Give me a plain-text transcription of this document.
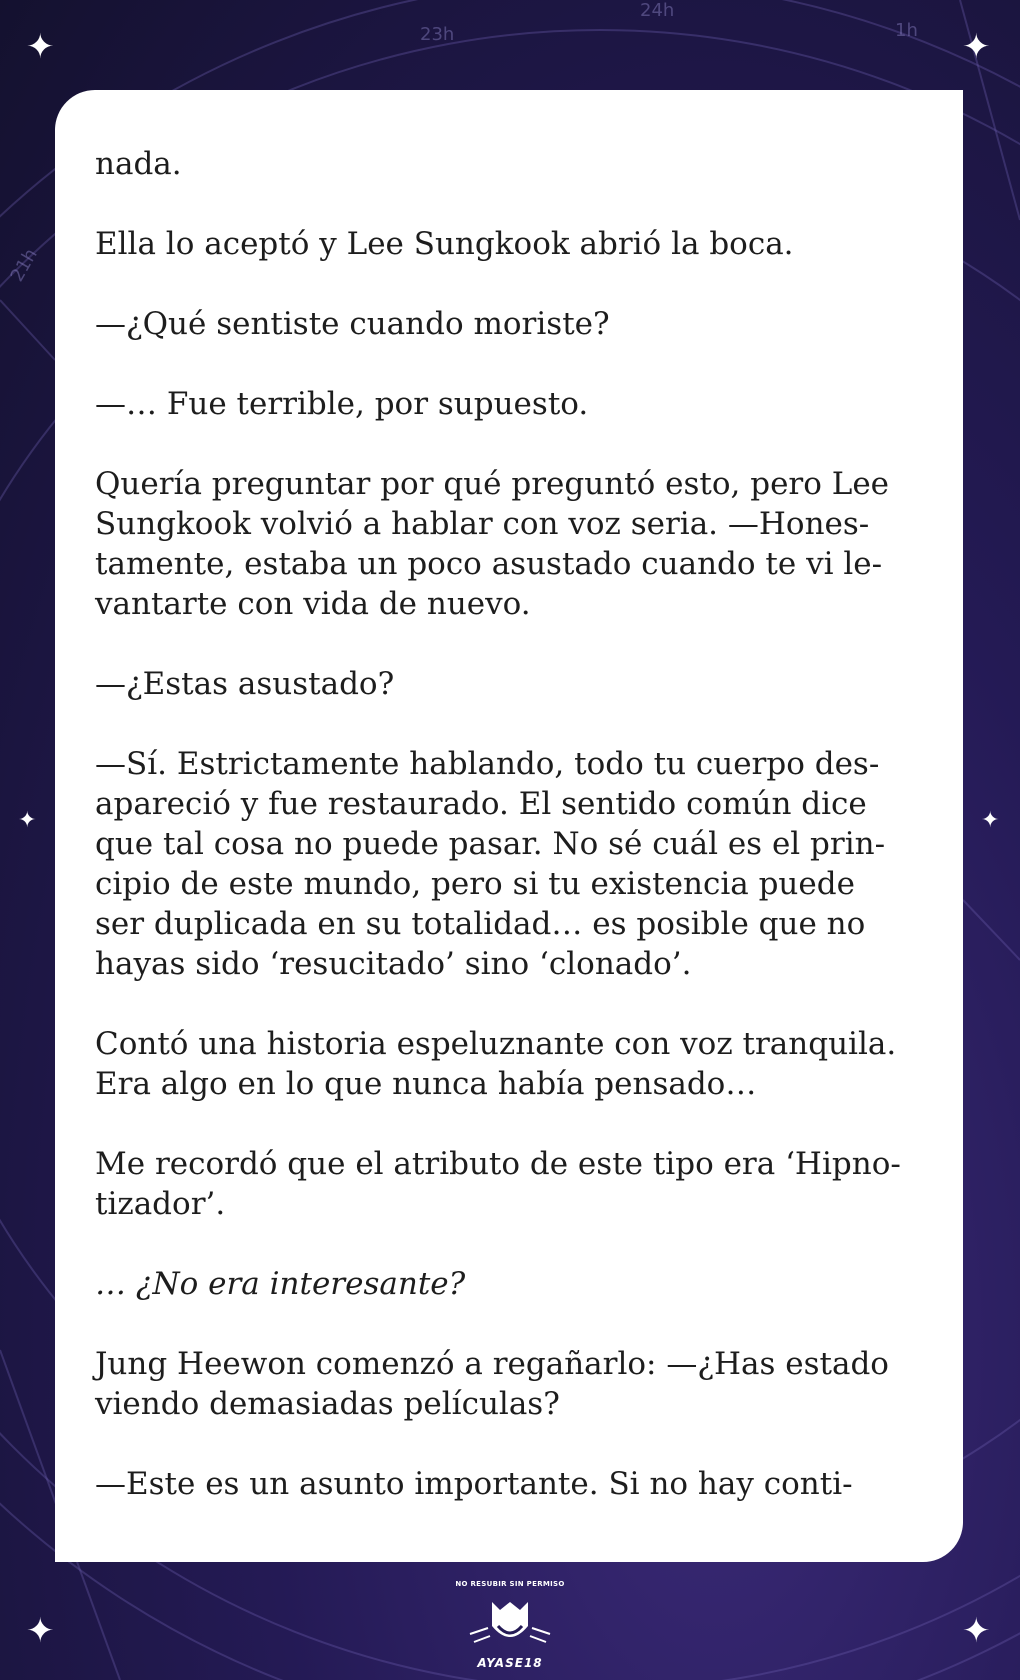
23h
24h
1h
21h
✦	✦
✦	✦
✦	✦

nada.

Ella lo aceptó y Lee Sungkook abrió la boca.

—¿Qué sentiste cuando moriste?

—… Fue terrible, por supuesto.

Quería preguntar por qué preguntó esto, pero Lee
Sungkook volvió a hablar con voz seria. —Hones-
tamente, estaba un poco asustado cuando te vi le-
vantarte con vida de nuevo.

—¿Estas asustado?

—Sí. Estrictamente hablando, todo tu cuerpo des-
apareció y fue restaurado. El sentido común dice
que tal cosa no puede pasar. No sé cuál es el prin-
cipio de este mundo, pero si tu existencia puede
ser duplicada en su totalidad… es posible que no
hayas sido ‘resucitado’ sino ‘clonado’.

Contó una historia espeluznante con voz tranquila.
Era algo en lo que nunca había pensado…

Me recordó que el atributo de este tipo era ‘Hipno-
tizador’.

… ¿No era interesante?

Jung Heewon comenzó a regañarlo: —¿Has estado
viendo demasiadas películas?

—Este es un asunto importante. Si no hay conti-

NO RESUBIR SIN PERMISO
AYASE18
